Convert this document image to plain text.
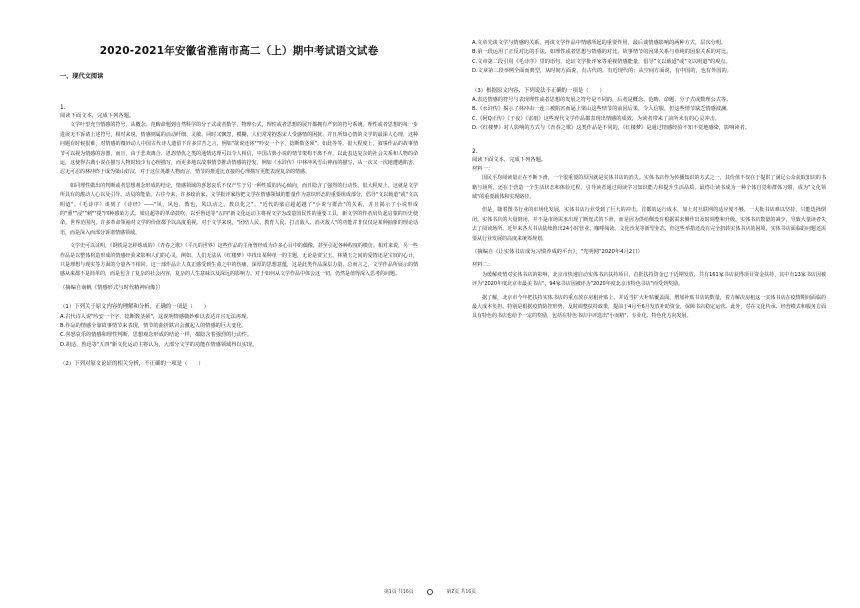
2020-2021年安徽省淮南市高二（上）期中考试语文试卷
一、现代文阅读
1.
阅读下面文本，完成下列各题。

文学叶望充当情感的符号，从概念、范畴命题到自然科学的分子式或者数学、物理公式，理性或者思想的展开都拥有严密的符号系统。理性或者思想的每一步进展无不诉诸上述符号，相对来说，情感则属的活动纤细、灵敏，同时又飘忽，模糊，人们常常抱怨宋人受感情的困扰，并且所知心情的文学的最深人心理，这种问题有时候很难，对情感的微妙动人中国古代诗人遗留下许多甘苦之言，例如"欲说还休""吟安一个字，捻断数茎须"。如此等等。很大程度上，叙事作品的故事情节可以视为情感的容器，而且，由于悲欢离合、恩怨情仇之类的通情达理可以令人相信，中国古典小说的情节架构不离不弃，以此表达复杂的社会关系和人物的命运，这使得古典小说在描写人物时较少有心理描写，而更多地以故事情节推动情感的抒发，例如《水浒传》中林冲风雪山神庙的描写，从一次又一次地遭遇陷害，忍无可忍的林冲终于成为梁山好汉，对于这位英雄人物而言，情节的推进比直接的心理描写更能表现复杂的情感。

如同理性做出的判断或者思想观念形成的结论，情感领域的喜怒哀乐不仅产生于另一种性质的内心倾向，而且隐含了强烈的行动性。很大程度上，这就是文学所具有的激动人心以及引导、动员的能量。古往今来，许多政治家、文学批评家均把文学在情感领域的能量作为意识形态的重要组成部分，倡导"文以载道"或"文以明道"。《毛诗序》谈到了《诗经》——"风，风也，教也，风以动之，教以化之"。"近代的梁启超超越了"小说与群治"的关系，并且揭示了小说形成的"熏""浸""刺""提"四种感染方式。梁启超等的革命鼓吹，以至鲁迅等"五四"新文化运动主将视文学为改造国民性的重要工具，新文学的作者肩负起启蒙的历史使命。世界范围内，许多革命领袖对文学的价值都予以高度重视。对于文学来说，"团结人民、教育人民、打击敌人、消灭敌人"的功能并非仅仅是某种抽象的理论话语，而是深入而部分诉诸情感领域。

文学史可以证明，《钢铁是怎样炼成的》《青春之歌》《平凡的世界》这些作品的主角曾经成为许多心目中的偶像，甚至引起各种程度的模仿。相对来说，另一些作品是以整体构造形成的情感经验来影响人们的心灵，例如，人们无法从《红楼梦》中找出某种单一的主题，无论是贾宝玉、林黛玉之间的爱情还是宝钗的心计，只是理想与现实等方面的分量各不相同。这一部作品让人真正感受到生命之中的伤痛，深厚的思想意蕴，这是此类作品深层力量。总而言之，文学作品所展示的情感从来都不是简单的，而是包含了复杂的社会内容，复杂的人生意味以及深远的影响力。对于如何从文学作品中体会这一切，仍然是值得深入思考的问题。

（摘编自南帆《情感形式与时代精神向像》）
（1）下列关于原文内容的理解和分析，正确的一项是（　　）
A.古代诗人说"吟安一个字，捻断数茎须"，这说明情感微妙难以表达并且无法再现。
B.作品的情感全靠故事情节来表现，情节的曲折跌宕会激起人的情感的巨大变化。
C.喜怒哀乐的情感和理性判断、思想观念形成的结论一样，都隐含着强烈的行动性。
D.胡适、鲁迅等"五四"新文化运动主将认为，大部分文学的功能在情感领域得以实现。
（2）下列对原文论证的相关分析，不正确的一项是（　　）
A.文章先谈文学与情感的关系，再谈文学作品中情感所起的重要作用，最后谈情感影响的两种方式，层次分明。
B.第一段运用了正反对比的手法，如理性或者思想与情感的对比，故事情节的因果关系与单纯的因果关系的对比。
C.文章第二段引用《毛诗序》里的语句，论证文学批评家等重视情感能量，倡导"文以载道"或"文以明道"的观点。
D.文章第三段举例全面而典型，从时间方面说，有古代的，有近现代的；从空间方面说，有中国的，也有外国的。
（3）根据原文内容，下列说法不正确的一项是（　　）
A.表达情感的符号与表现理性或者思想的发展之符号是不同的，后者是概念、范畴、命题、分子式或数理公式等。
B.《水浒传》揭示了林冲由一连三被陷害而逼上梁山这些情节的前因后果，令人信服，但这些情节缺乏情感波澜。
C.《阿Q正传》《子夜》《雷雨》这些现代文学作品都表现出情感的成效，为读者带来了前所未有的心灵冲击。
D.《红楼梦》对人影响的方式与《青春之歌》这类作品是不同的，《红楼梦》是通过情感经验不知不觉地感染，影响读者。
2.
阅读下面文本，完成下列各题。
材料一：

国民平均阅读量正在不断下滑，一个很重要的原因就是实体书店的消失。实体书店作为传播知识的方式之一，其价值不仅在于提供了满足公众获取知识的书籍与场所，还在于营造一个生活状态和体验过程，引导读者通过阅读学习知识能力和提升生活品质，最终让读书成为一种个体自觉和群体习惯，成为"文化领域"的重要载体和实现路径。

但是，随着图书行业的市场化发展，实体书店行业受到了巨大的冲击。首都的运行成本，加上对互联网的适应度不够，一大批书店难以坚持，只能选择倒闭。实体书店的大量倒闭，并不是市场需求出现了断崖式的下滑，而是因为供给侧没有根据需求侧作出及时调整和升级。实体书店数量的减少，导致大量读者失去了阅读场所。近年来各大书店陆续推出24小时营业、咖啡阅读、文化沙龙等新型业态，但这些举措还没有完全扭转实体书店的困境，实体书店面临的问题还需要从行业发展的高度来统筹规划。

（摘编自《让实体书店成为习惯养成的平台》，"光明网"2020年4月2日）
材料二：

为缓解疫情对实体书店的影响，北京市快速启动实体书店扶持项目，首批扶持资金已于近期发放，共有161家书店获得项目资金扶持，其中有13家书店因被评为"2020年度北京市最美书店"，94家书店因被评为"2020年度北京市特色书店"而受到奖励。

据了解，北京市今年把扶持实体书店的重点放在房租补贴上，并适当扩大补贴覆盖面，增加补贴书店的数量，着力解决房租这一实体书店在疫情期间面临的最大成本负担。特别是根据疫情防控形势，及时调整扶持政策，提前于4月至6月发放补助资金，保障书店稳定运营。此外，对在文化传承、经营模式和服务方面具有特色的书店也给予一定的奖励，包括在特色书店中评选出"小而精"、专业化、特色化方向发展。

第1页 共16页	第2页 共16页
